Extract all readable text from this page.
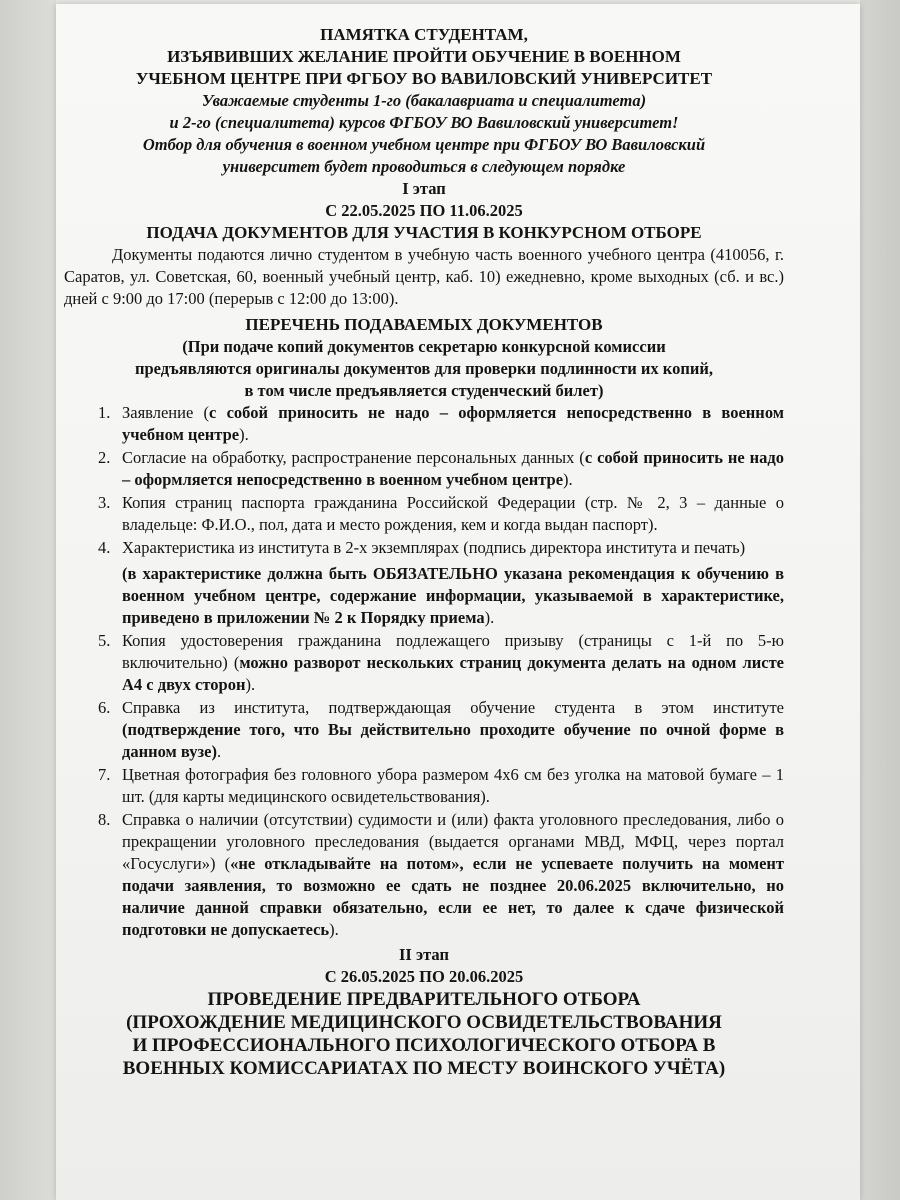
ПАМЯТКА СТУДЕНТАМ,
ИЗЪЯВИВШИХ ЖЕЛАНИЕ ПРОЙТИ ОБУЧЕНИЕ В ВОЕННОМ
УЧЕБНОМ ЦЕНТРЕ ПРИ ФГБОУ ВО ВАВИЛОВСКИЙ УНИВЕРСИТЕТ
Уважаемые студенты 1-го (бакалавриата и специалитета)
и 2-го (специалитета) курсов ФГБОУ ВО Вавиловский университет!
Отбор для обучения в военном учебном центре при ФГБОУ ВО Вавиловский
университет будет проводиться в следующем порядке
I этап
С 22.05.2025 ПО 11.06.2025
ПОДАЧА ДОКУМЕНТОВ ДЛЯ УЧАСТИЯ В КОНКУРСНОМ ОТБОРЕ

Документы подаются лично студентом в учебную часть военного учебного центра (410056, г. Саратов, ул. Советская, 60, военный учебный центр, каб. 10) ежедневно, кроме выходных (сб. и вс.) дней с 9:00 до 17:00 (перерыв с 12:00 до 13:00).

ПЕРЕЧЕНЬ ПОДАВАЕМЫХ ДОКУМЕНТОВ
(При подаче копий документов секретарю конкурсной комиссии
предъявляются оригиналы документов для проверки подлинности их копий,
в том числе предъявляется студенческий билет)
1. Заявление (с собой приносить не надо – оформляется непосредственно в военном учебном центре).
2. Согласие на обработку, распространение персональных данных (с собой приносить не надо – оформляется непосредственно в военном учебном центре).
3. Копия страниц паспорта гражданина Российской Федерации (стр. № 2, 3 – данные о владельце: Ф.И.О., пол, дата и место рождения, кем и когда выдан паспорт).
4. Характеристика из института в 2-х экземплярах (подпись директора института и печать)
(в характеристике должна быть ОБЯЗАТЕЛЬНО указана рекомендация к обучению в военном учебном центре, содержание информации, указываемой в характеристике, приведено в приложении № 2 к Порядку приема).
5. Копия удостоверения гражданина подлежащего призыву (страницы с 1-й по 5-ю включительно) (можно разворот нескольких страниц документа делать на одном листе А4 с двух сторон).
6. Справка из института, подтверждающая обучение студента в этом институте (подтверждение того, что Вы действительно проходите обучение по очной форме в данном вузе).
7. Цветная фотография без головного убора размером 4х6 см без уголка на матовой бумаге – 1 шт. (для карты медицинского освидетельствования).
8. Справка о наличии (отсутствии) судимости и (или) факта уголовного преследования, либо о прекращении уголовного преследования (выдается органами МВД, МФЦ, через портал «Госуслуги») («не откладывайте на потом», если не успеваете получить на момент подачи заявления, то возможно ее сдать не позднее 20.06.2025 включительно, но наличие данной справки обязательно, если ее нет, то далее к сдаче физической подготовки не допускаетесь).
II этап
С 26.05.2025 ПО 20.06.2025
ПРОВЕДЕНИЕ ПРЕДВАРИТЕЛЬНОГО ОТБОРА
(ПРОХОЖДЕНИЕ МЕДИЦИНСКОГО ОСВИДЕТЕЛЬСТВОВАНИЯ
И ПРОФЕССИОНАЛЬНОГО ПСИХОЛОГИЧЕСКОГО ОТБОРА В
ВОЕННЫХ КОМИССАРИАТАХ ПО МЕСТУ ВОИНСКОГО УЧЁТА)
